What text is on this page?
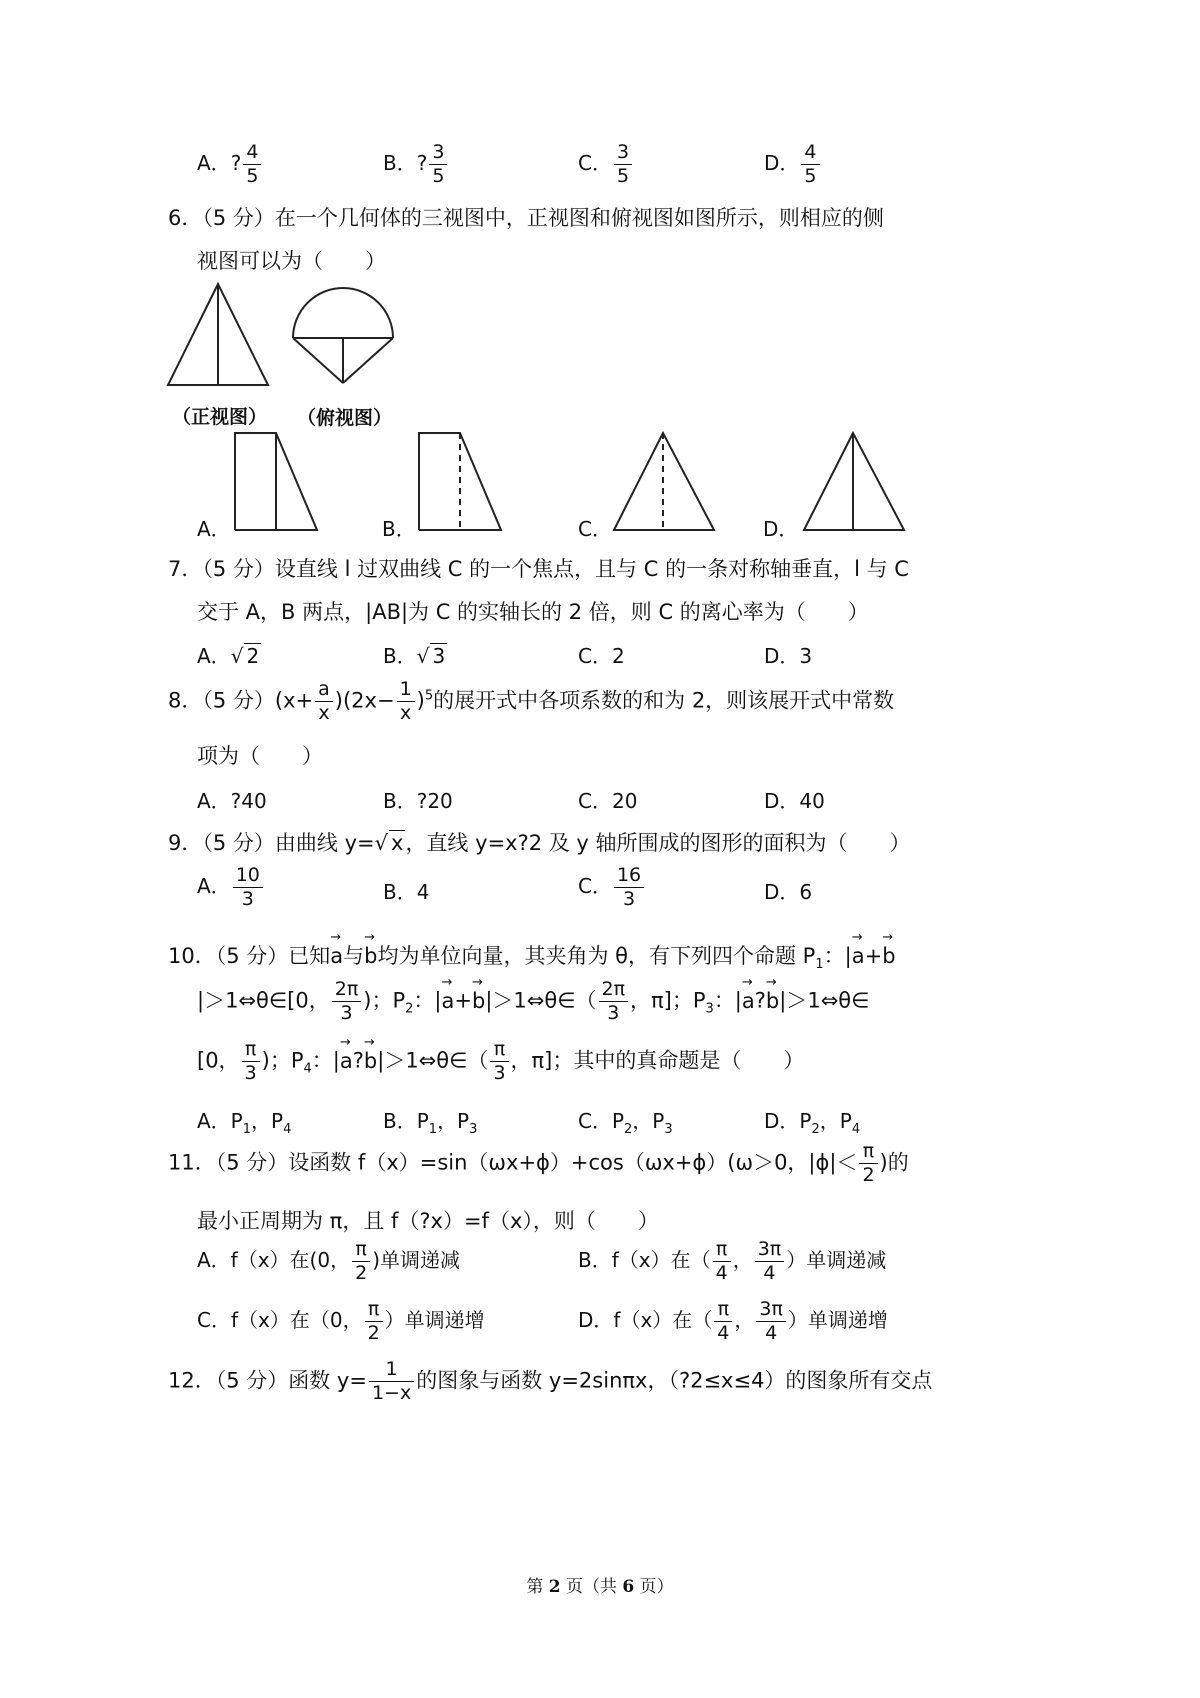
A．? $\frac{4}{5}$	B．? $\frac{3}{5}$	C． $\frac{3}{5}$	D． $\frac{4}{5}$
6．（5 分）在一个几何体的三视图中，正视图和俯视图如图所示，则相应的侧
视图可以为（　　）
（正视图） （俯视图）
A．	B．	C．	D．
7．（5 分）设直线 l 过双曲线 C 的一个焦点，且与 C 的一条对称轴垂直，l 与 C
交于 A，B 两点，|AB|为 C 的实轴长的 2 倍，则 C 的离心率为（　　）
A．√ 2	B．√ 3	C．2	D．3
8．（5 分）$(x+ \frac{a}{x} )(2x- \frac{1}{x} )^5$的展开式中各项系数的和为 2，则该展开式中常数
项为（　　）
A．?40	B．?20	C．20	D．40
9．（5 分）由曲线 y=√ x，直线 y=x?2 及 y 轴所围成的图形的面积为（　　）
A． $\frac{10}{3}$	B．4	C． $\frac{16}{3}$	D．6
10．（5 分）已知→ a与→ b均为单位向量，其夹角为 θ，有下列四个命题 $P_1$：|→ a+→ b
|＞1⇔θ∈[0， $\frac{2\pi}{3}$ )；$P_2$：|→ a+→ b|＞1⇔θ∈（ $\frac{2\pi}{3}$ ，π]；$P_3$：|→ a?→ b|＞1⇔θ∈
[0， $\frac{\pi}{3}$ )；$P_4$：|→ a?→ b|＞1⇔θ∈（ $\frac{\pi}{3}$ ，π]；其中的真命题是（　　）
A．$P_1$，$P_4$	B．$P_1$，$P_3$	C．$P_2$，$P_3$	D．$P_2$，$P_4$
11．（5 分）设函数 f（x）=sin（ωx+ϕ）+cos（ωx+ϕ）(ω＞0，$|\phi|< \frac{\pi}{2}$ )的
最小正周期为 π，且 f（?x）=f（x），则（　　）
A．f（x）在(0， $\frac{\pi}{2}$ )单调递减	B．f（x）在（ $\frac{\pi}{4}$ ， $\frac{3\pi}{4}$ ）单调递减
C．f（x）在（0， $\frac{\pi}{2}$ ）单调递增	D．f（x）在（ $\frac{\pi}{4}$ ， $\frac{3\pi}{4}$ ）单调递增
12．（5 分）函数 $y= \frac{1}{1-x}$ 的图象与函数 y=2sinπx，（?2≤x≤4）的图象所有交点
第 2 页（共 6 页）
